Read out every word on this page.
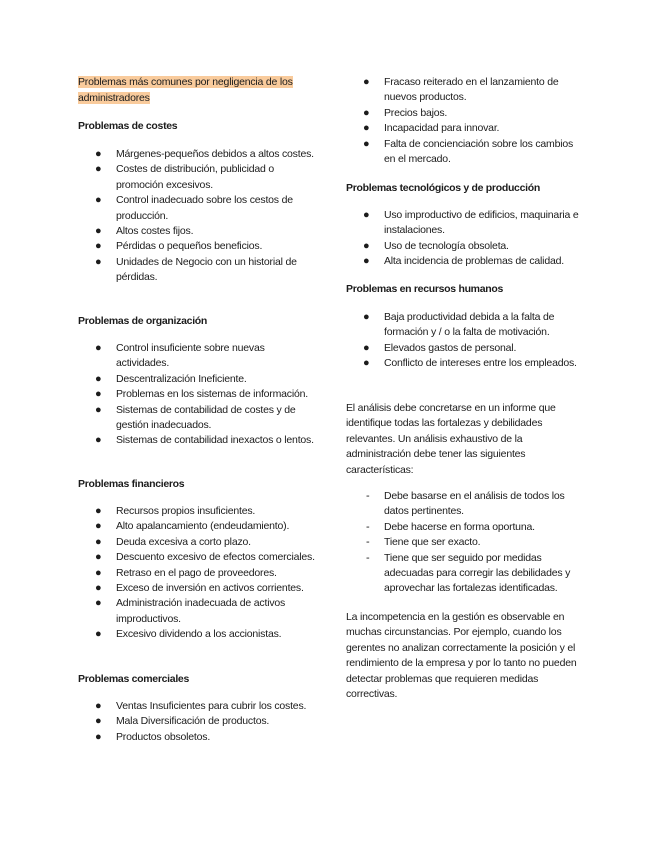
Problemas más comunes por negligencia de los administradores
Problemas de costes
● Márgenes-pequeños debidos a altos costes.
● Costes de distribución, publicidad o promoción excesivos.
● Control inadecuado sobre los cestos de producción.
● Altos costes fijos.
● Pérdidas o pequeños beneficios.
● Unidades de Negocio con un historial de pérdidas.
Problemas de organización
● Control insuficiente sobre nuevas actividades.
● Descentralización Ineficiente.
● Problemas en los sistemas de información.
● Sistemas de contabilidad de costes y de gestión inadecuados.
● Sistemas de contabilidad inexactos o lentos.
Problemas financieros
● Recursos propios insuficientes.
● Alto apalancamiento (endeudamiento).
● Deuda excesiva a corto plazo.
● Descuento excesivo de efectos comerciales.
● Retraso en el pago de proveedores.
● Exceso de inversión en activos corrientes.
● Administración inadecuada de activos improductivos.
● Excesivo dividendo a los accionistas.
Problemas comerciales
● Ventas Insuficientes para cubrir los costes.
● Mala Diversificación de productos.
● Productos obsoletos.
● Fracaso reiterado en el lanzamiento de nuevos productos.
● Precios bajos.
● Incapacidad para innovar.
● Falta de concienciación sobre los cambios en el mercado.
Problemas tecnológicos y de producción
● Uso improductivo de edificios, maquinaria e instalaciones.
● Uso de tecnología obsoleta.
● Alta incidencia de problemas de calidad.
Problemas en recursos humanos
● Baja productividad debida a la falta de formación y / o la falta de motivación.
● Elevados gastos de personal.
● Conflicto de intereses entre los empleados.
El análisis debe concretarse en un informe que identifique todas las fortalezas y debilidades relevantes. Un análisis exhaustivo de la administración debe tener las siguientes características:
- Debe basarse en el análisis de todos los datos pertinentes.
- Debe hacerse en forma oportuna.
- Tiene que ser exacto.
- Tiene que ser seguido por medidas adecuadas para corregir las debilidades y aprovechar las fortalezas identificadas.
La incompetencia en la gestión es observable en muchas circunstancias. Por ejemplo, cuando los gerentes no analizan correctamente la posición y el rendimiento de la empresa y por lo tanto no pueden detectar problemas que requieren medidas correctivas.
